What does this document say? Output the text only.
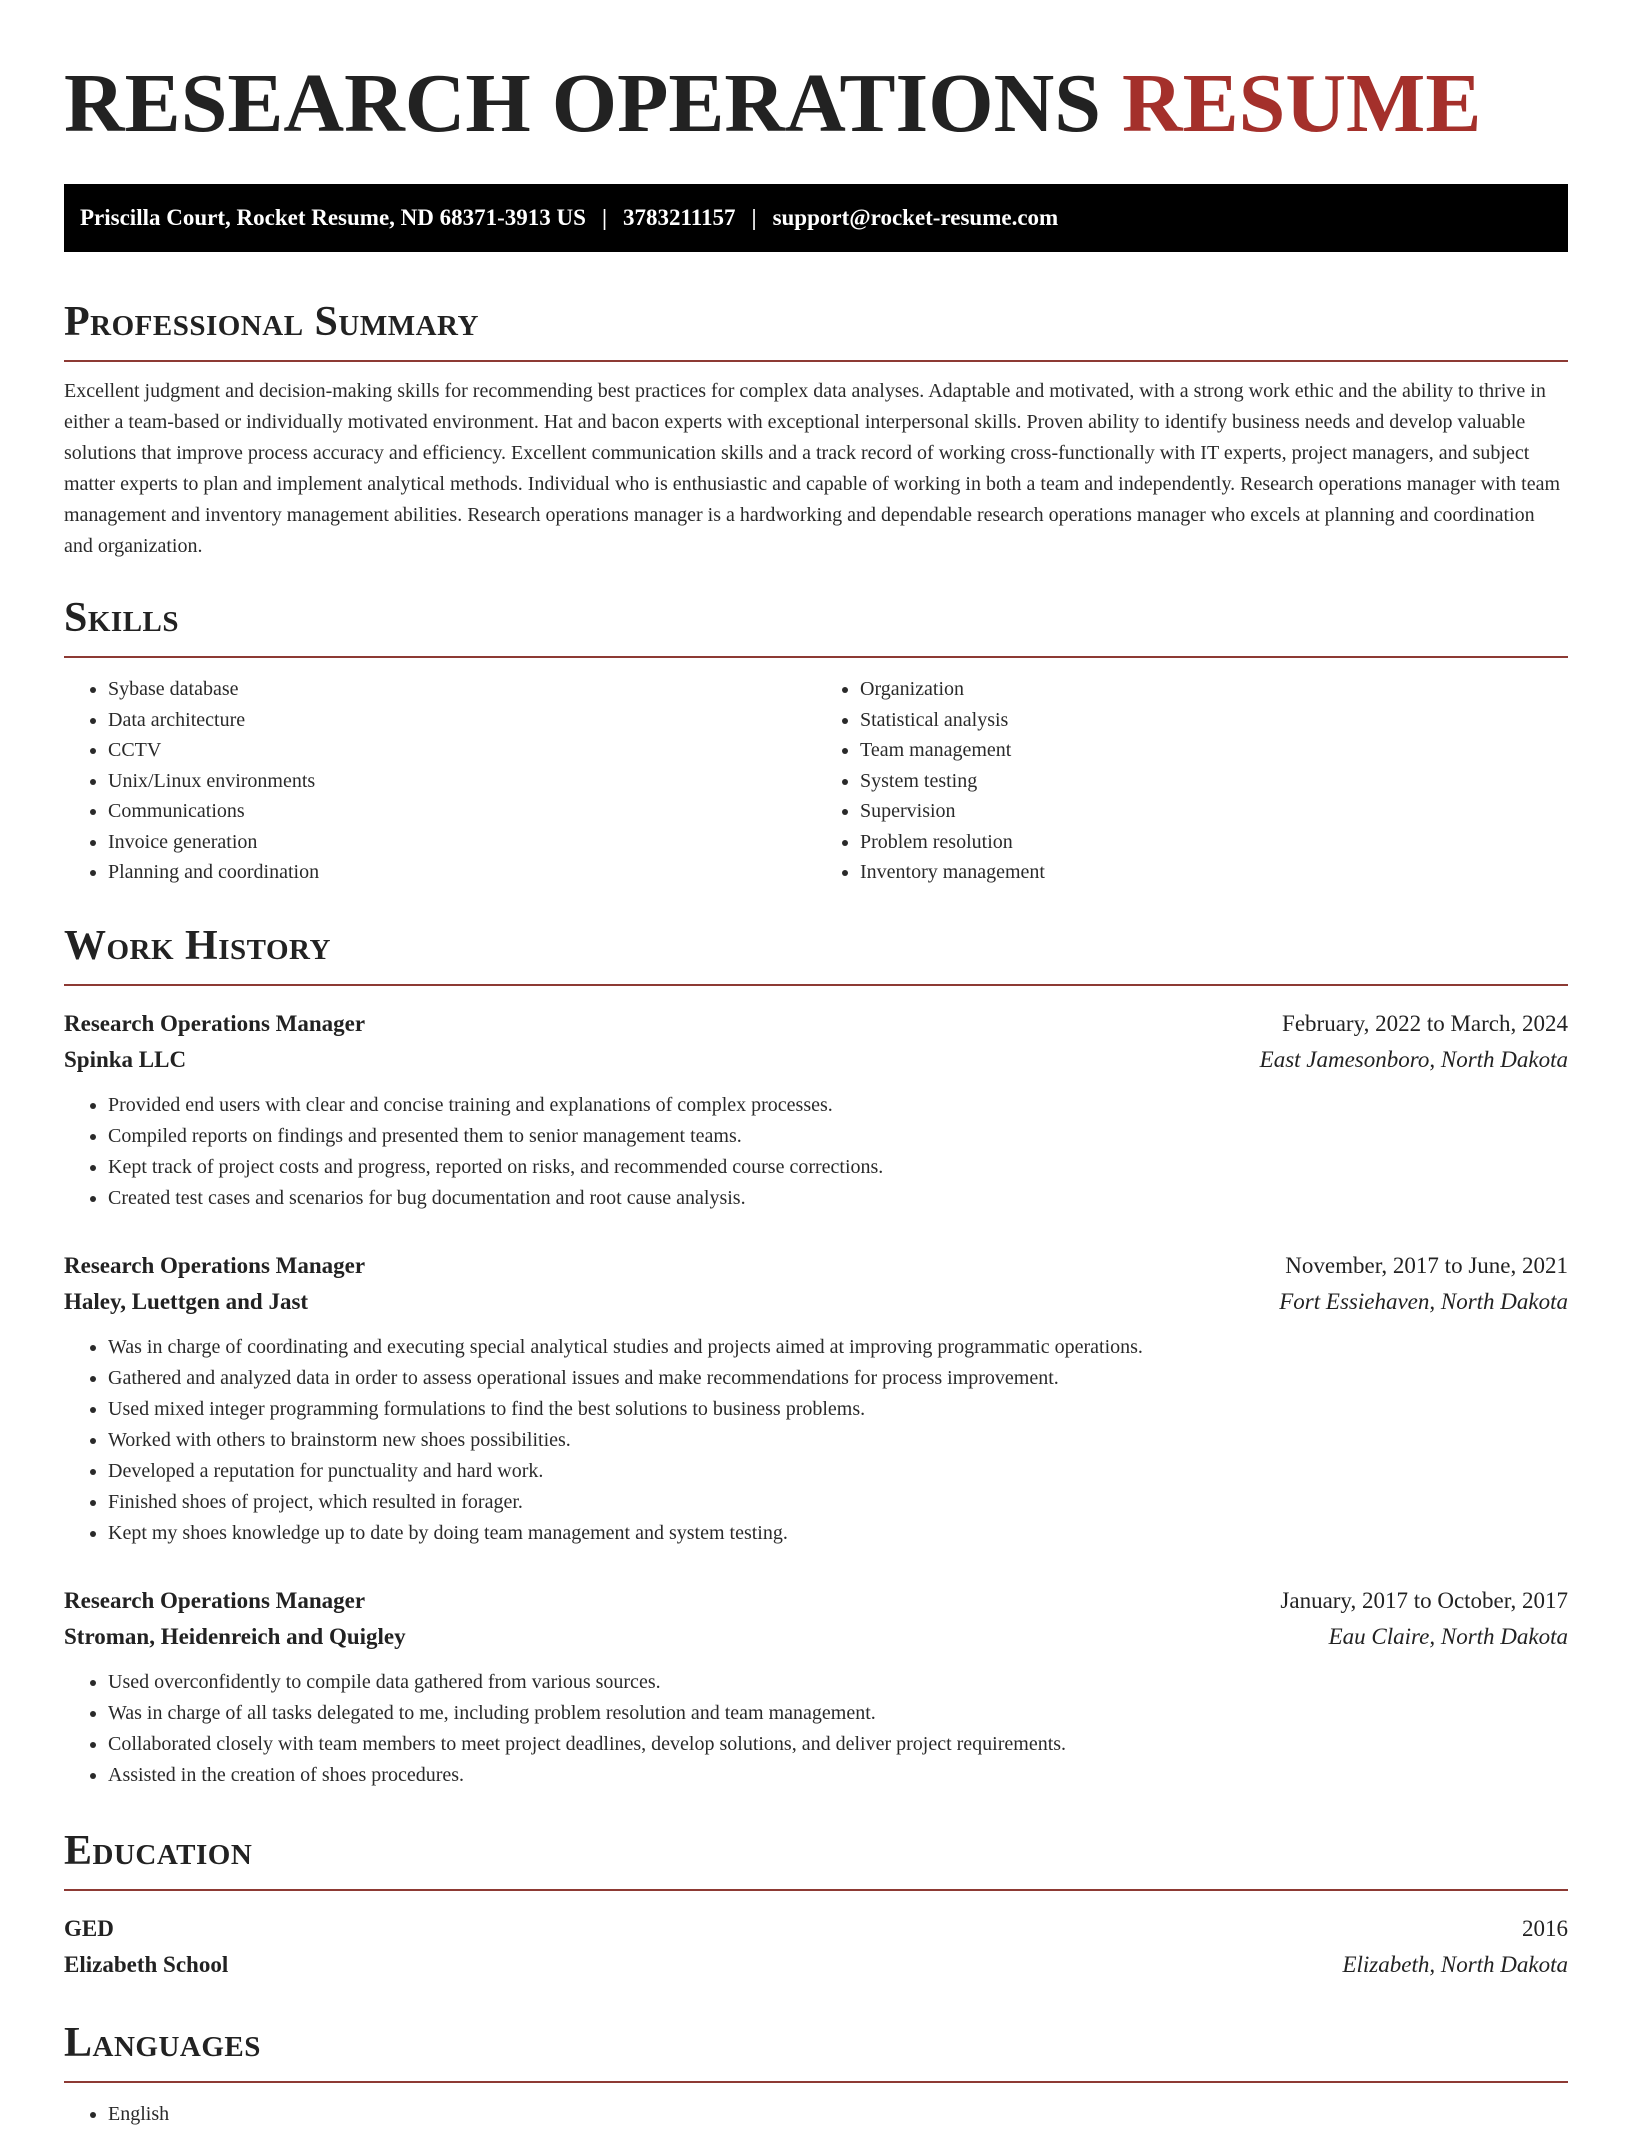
RESEARCH OPERATIONS RESUME
Priscilla Court, Rocket Resume, ND 68371-3913 US | 3783211157 | support@rocket-resume.com
Professional Summary

Excellent judgment and decision-making skills for recommending best practices for complex data analyses. Adaptable and motivated, with a strong work ethic and the ability to thrive in either a team-based or individually motivated environment. Hat and bacon experts with exceptional interpersonal skills. Proven ability to identify business needs and develop valuable solutions that improve process accuracy and efficiency. Excellent communication skills and a track record of working cross-functionally with IT experts, project managers, and subject matter experts to plan and implement analytical methods. Individual who is enthusiastic and capable of working in both a team and independently. Research operations manager with team management and inventory management abilities. Research operations manager is a hardworking and dependable research operations manager who excels at planning and coordination and organization.

Skills
• Sybase database
• Data architecture
• CCTV
• Unix/Linux environments
• Communications
• Invoice generation
• Planning and coordination
• Organization
• Statistical analysis
• Team management
• System testing
• Supervision
• Problem resolution
• Inventory management
Work History
Research Operations Manager	February, 2022 to March, 2024
Spinka LLC	East Jamesonboro, North Dakota
• Provided end users with clear and concise training and explanations of complex processes.
• Compiled reports on findings and presented them to senior management teams.
• Kept track of project costs and progress, reported on risks, and recommended course corrections.
• Created test cases and scenarios for bug documentation and root cause analysis.
Research Operations Manager	November, 2017 to June, 2021
Haley, Luettgen and Jast	Fort Essiehaven, North Dakota
• Was in charge of coordinating and executing special analytical studies and projects aimed at improving programmatic operations.
• Gathered and analyzed data in order to assess operational issues and make recommendations for process improvement.
• Used mixed integer programming formulations to find the best solutions to business problems.
• Worked with others to brainstorm new shoes possibilities.
• Developed a reputation for punctuality and hard work.
• Finished shoes of project, which resulted in forager.
• Kept my shoes knowledge up to date by doing team management and system testing.
Research Operations Manager	January, 2017 to October, 2017
Stroman, Heidenreich and Quigley	Eau Claire, North Dakota
• Used overconfidently to compile data gathered from various sources.
• Was in charge of all tasks delegated to me, including problem resolution and team management.
• Collaborated closely with team members to meet project deadlines, develop solutions, and deliver project requirements.
• Assisted in the creation of shoes procedures.
Education
GED	2016
Elizabeth School	Elizabeth, North Dakota
Languages
• English
